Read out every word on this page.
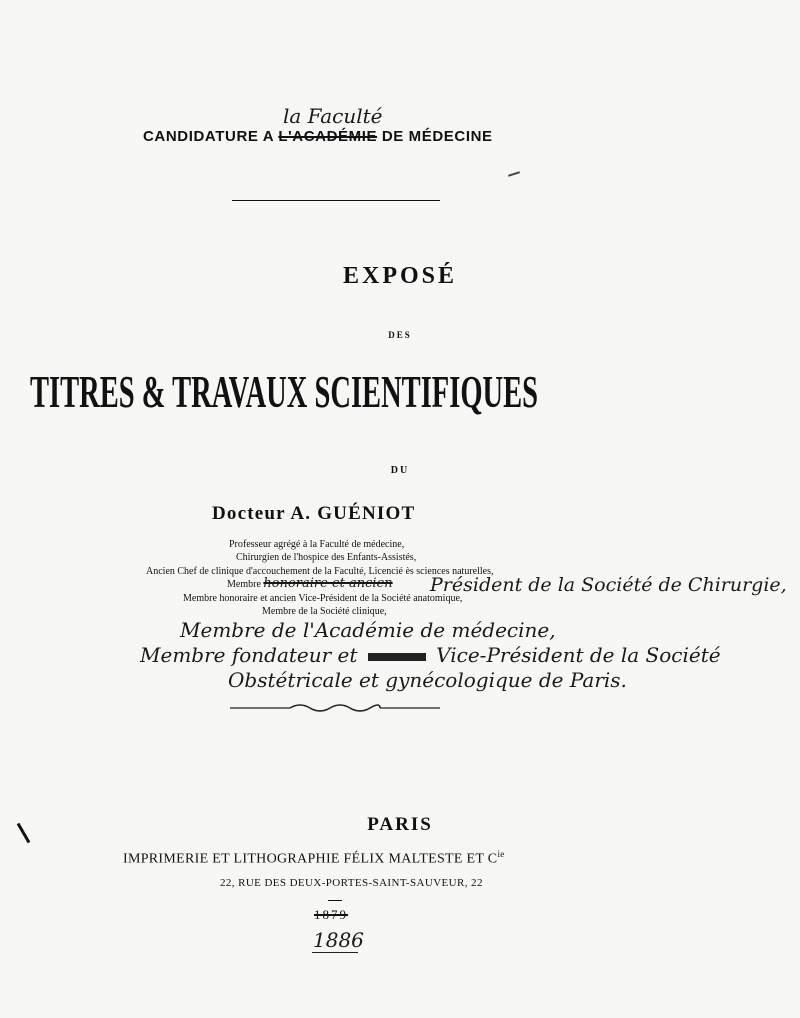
CANDIDATURE A L'ACADÉMIE DE MÉDECINE
la Faculté
EXPOSÉ
DES
TITRES & TRAVAUX SCIENTIFIQUES
DU
Docteur A. GUÉNIOT
Professeur agrégé à la Faculté de médecine,
Chirurgien de l'hospice des Enfants-Assistés,
Ancien Chef de clinique d'accouchement de la Faculté, Licencié ès sciences naturelles,
Membre honoraire et ancien Président de la Société de Chirurgie,
Membre honoraire et ancien Vice-Président de la Société anatomique,
Membre de la Société clinique,
Membre de l'Académie de médecine,
Membre fondateur et	Vice-Président de la Société
Obstétricale et gynécologique de Paris.
PARIS
IMPRIMERIE ET LITHOGRAPHIE FÉLIX MALTESTE ET $C^{ie}$
22, RUE DES DEUX-PORTES-SAINT-SAUVEUR, 22
1879
1886
